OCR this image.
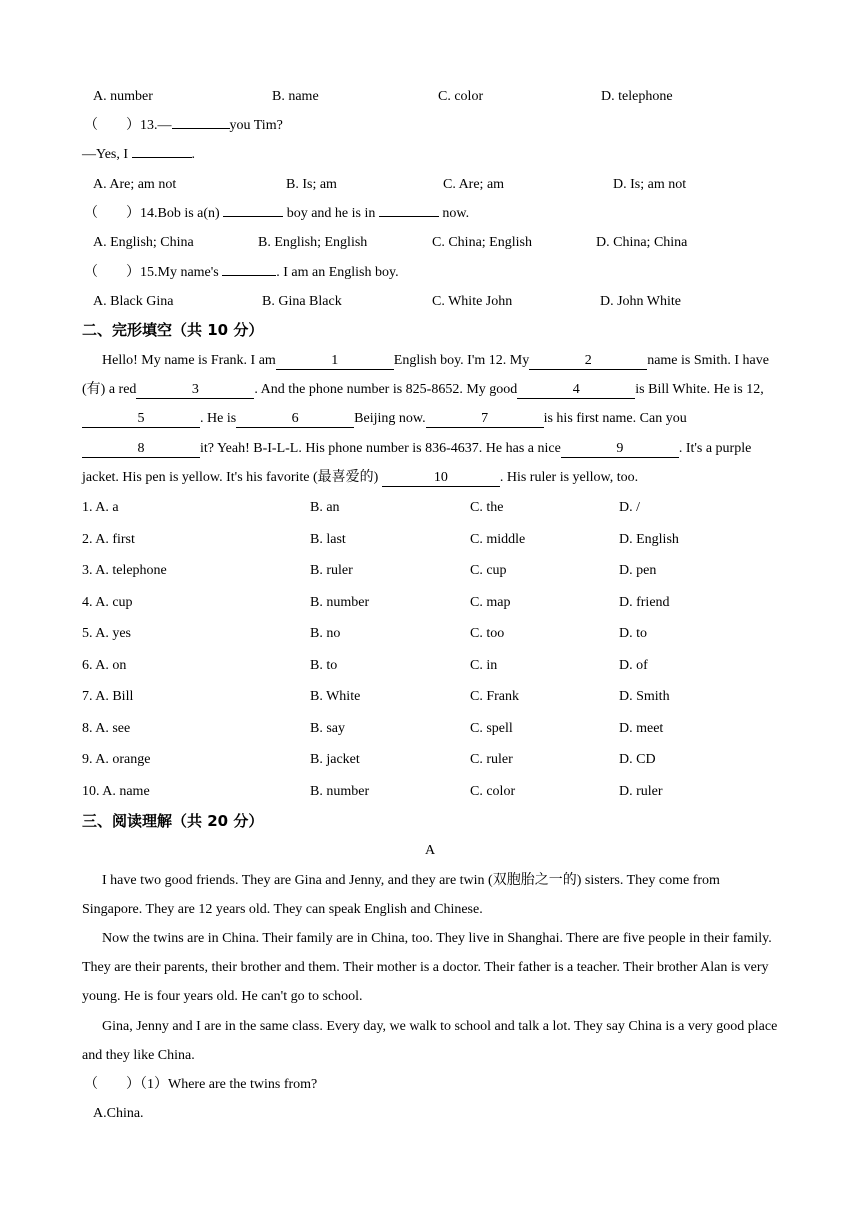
A. number	B. name	C. color	D. telephone
（　　）13.—	you Tim?
—Yes, I	.
A. Are; am not	B. Is; am	C. Are; am	D. Is; am not
（　　）14.Bob is a(n)	boy and he is in	now.
A. English; China	B. English; English	C. China; English	D. China; China
（　　）15.My name's	. I am an English boy.
A. Black Gina	B. Gina Black	C. White John	D. John White
二、完形填空（共 10 分）
Hello! My name is Frank. I am	1	English boy. I'm 12. My	2	name is Smith. I have (有) a red	3	. And the phone number is 825-8652. My good	4	is Bill White. He is 12,5	. He is	6	Beijing now.	7	is his first name. Can you8	it? Yeah! B-I-L-L. His phone number is 836-4637. He has a nice	9	. It's a purple jacket. His pen is yellow. It's his favorite (最喜爱的)	10	. His ruler is yellow, too.
1. A. a	B. an	C. the	D. /
2. A. first	B. last	C. middle	D. English
3. A. telephone	B. ruler	C. cup	D. pen
4. A. cup	B. number	C. map	D. friend
5. A. yes	B. no	C. too	D. to
6. A. on	B. to	C. in	D. of
7. A. Bill	B. White	C. Frank	D. Smith
8. A. see	B. say	C. spell	D. meet
9. A. orange	B. jacket	C. ruler	D. CD
10. A. name	B. number	C. color	D. ruler
三、阅读理解（共 20 分）
A
I have two good friends. They are Gina and Jenny, and they are twin (双胞胎之一的) sisters. They come from Singapore. They are 12 years old. They can speak English and Chinese.
Now the twins are in China. Their family are in China, too. They live in Shanghai. There are five people in their family. They are their parents, their brother and them. Their mother is a doctor. Their father is a teacher. Their brother Alan is very young. He is four years old. He can't go to school.
Gina, Jenny and I are in the same class. Every day, we walk to school and talk a lot. They say China is a very good place and they like China.
（　　）（1）Where are the twins from?
A.China.
